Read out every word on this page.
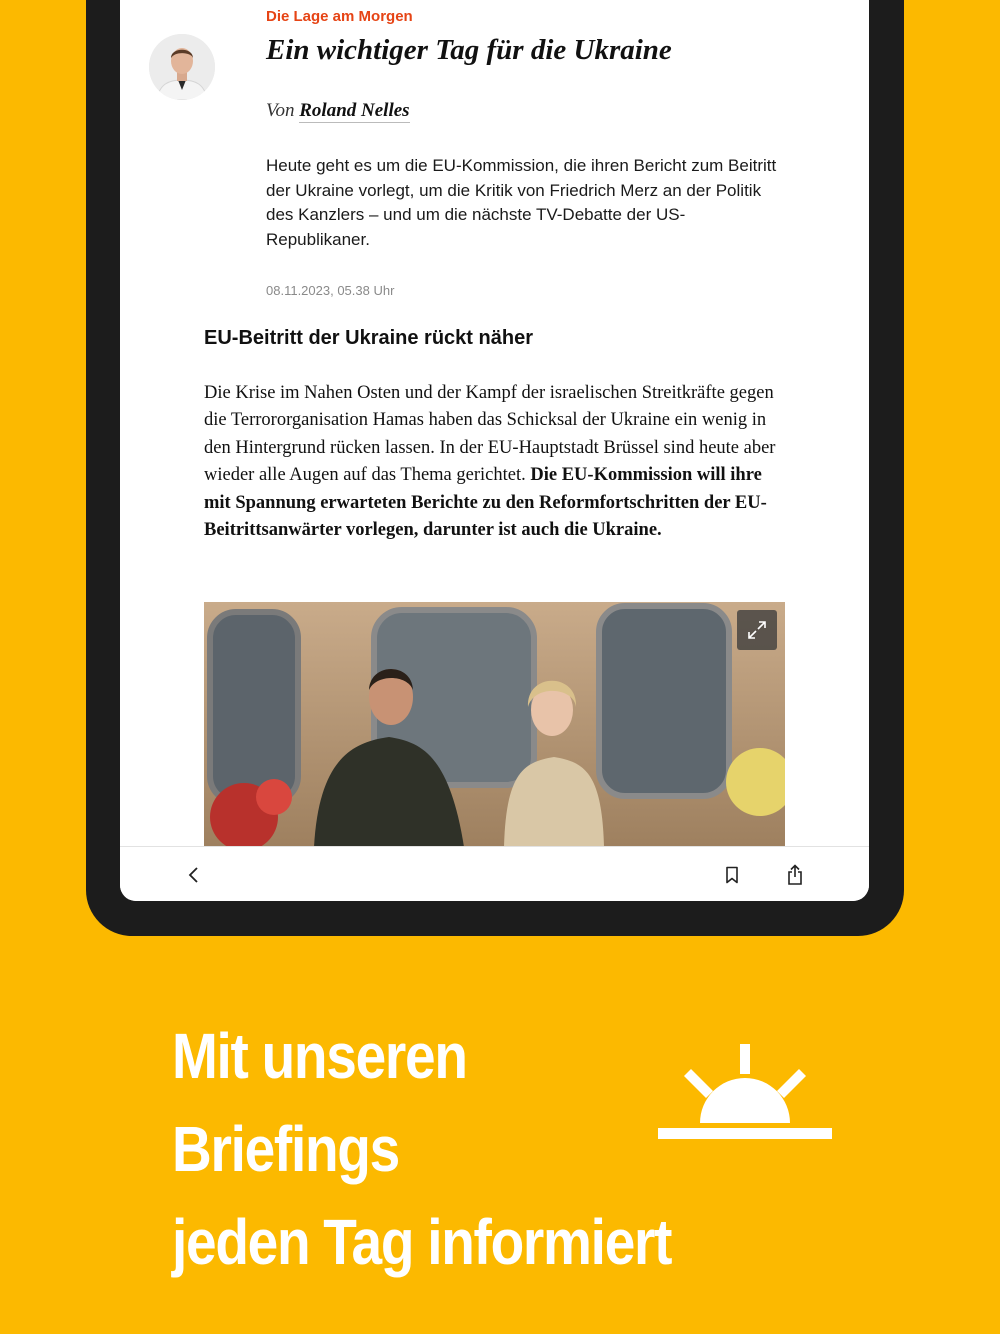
Die Lage am Morgen

Ein wichtiger Tag für die Ukraine

Von Roland Nelles

Heute geht es um die EU-Kommission, die ihren Bericht zum Beitritt der Ukraine vorlegt, um die Kritik von Friedrich Merz an der Politik des Kanzlers – und um die nächste TV-Debatte der US-Republikaner.

08.11.2023, 05.38 Uhr

EU-Beitritt der Ukraine rückt näher

Die Krise im Nahen Osten und der Kampf der israelischen Streitkräfte gegen die Terrororganisation Hamas haben das Schicksal der Ukraine ein wenig in den Hintergrund rücken lassen. In der EU-Hauptstadt Brüssel sind heute aber wieder alle Augen auf das Thema gerichtet. Die EU-Kommission will ihre mit Spannung erwarteten Berichte zu den Reformfortschritten der EU-Beitrittsanwärter vorlegen, darunter ist auch die Ukraine.

Mit unseren
Briefings
jeden Tag informiert
